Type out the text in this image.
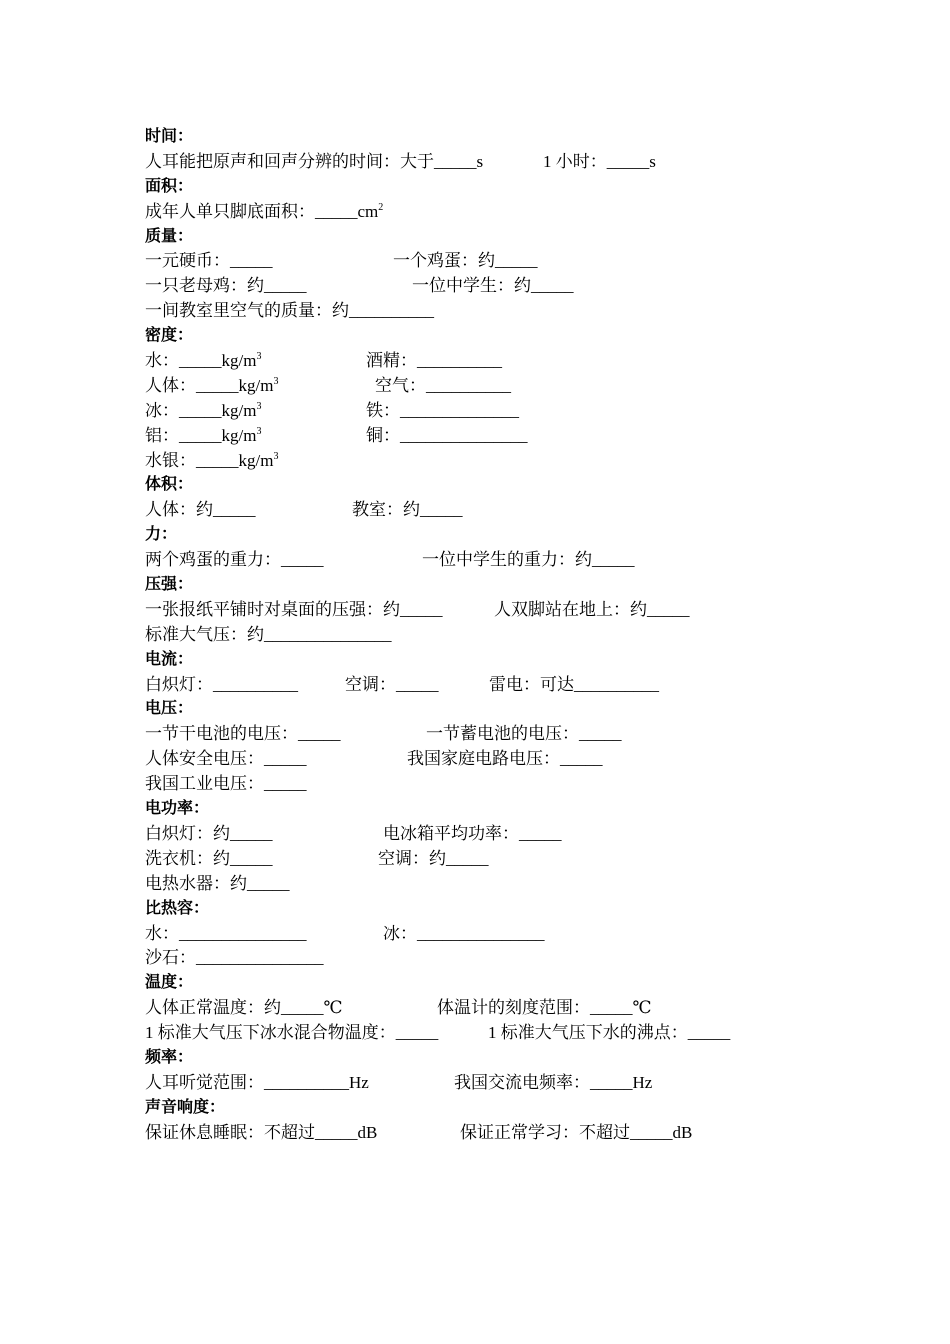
时间：
人耳能把原声和回声分辨的时间：大于_____s	1 小时：_____s
面积：
成年人单只脚底面积：$\_\_\_\_\_cm^2$
质量：
一元硬币：_____	一个鸡蛋：约_____
一只老母鸡：约_____	一位中学生：约_____
一间教室里空气的质量：约__________
密度：
水：$\_\_\_\_\_kg/m^3$	酒精：__________
人体：$\_\_\_\_\_kg/m^3$	空气：__________
冰：$\_\_\_\_\_kg/m^3$	铁：______________
铝：$\_\_\_\_\_kg/m^3$	铜：_______________
水银：$\_\_\_\_\_kg/m^3$
体积：
人体：约_____	教室：约_____
力：
两个鸡蛋的重力：_____	一位中学生的重力：约_____
压强：
一张报纸平铺时对桌面的压强：约_____	人双脚站在地上：约_____
标准大气压：约_______________
电流：
白炽灯：__________	空调：_____	雷电：可达__________
电压：
一节干电池的电压：_____	一节蓄电池的电压：_____
人体安全电压：_____	我国家庭电路电压：_____
我国工业电压：_____
电功率：
白炽灯：约_____	电冰箱平均功率：_____
洗衣机：约_____	空调：约_____
电热水器：约_____
比热容：
水：_______________	冰：_______________
沙石：_______________
温度：
人体正常温度：约_____℃	体温计的刻度范围：_____℃
1 标准大气压下冰水混合物温度：_____	1 标准大气压下水的沸点：_____
频率：
人耳听觉范围：__________Hz	我国交流电频率：_____Hz
声音响度：
保证休息睡眠：不超过_____dB	保证正常学习：不超过_____dB
